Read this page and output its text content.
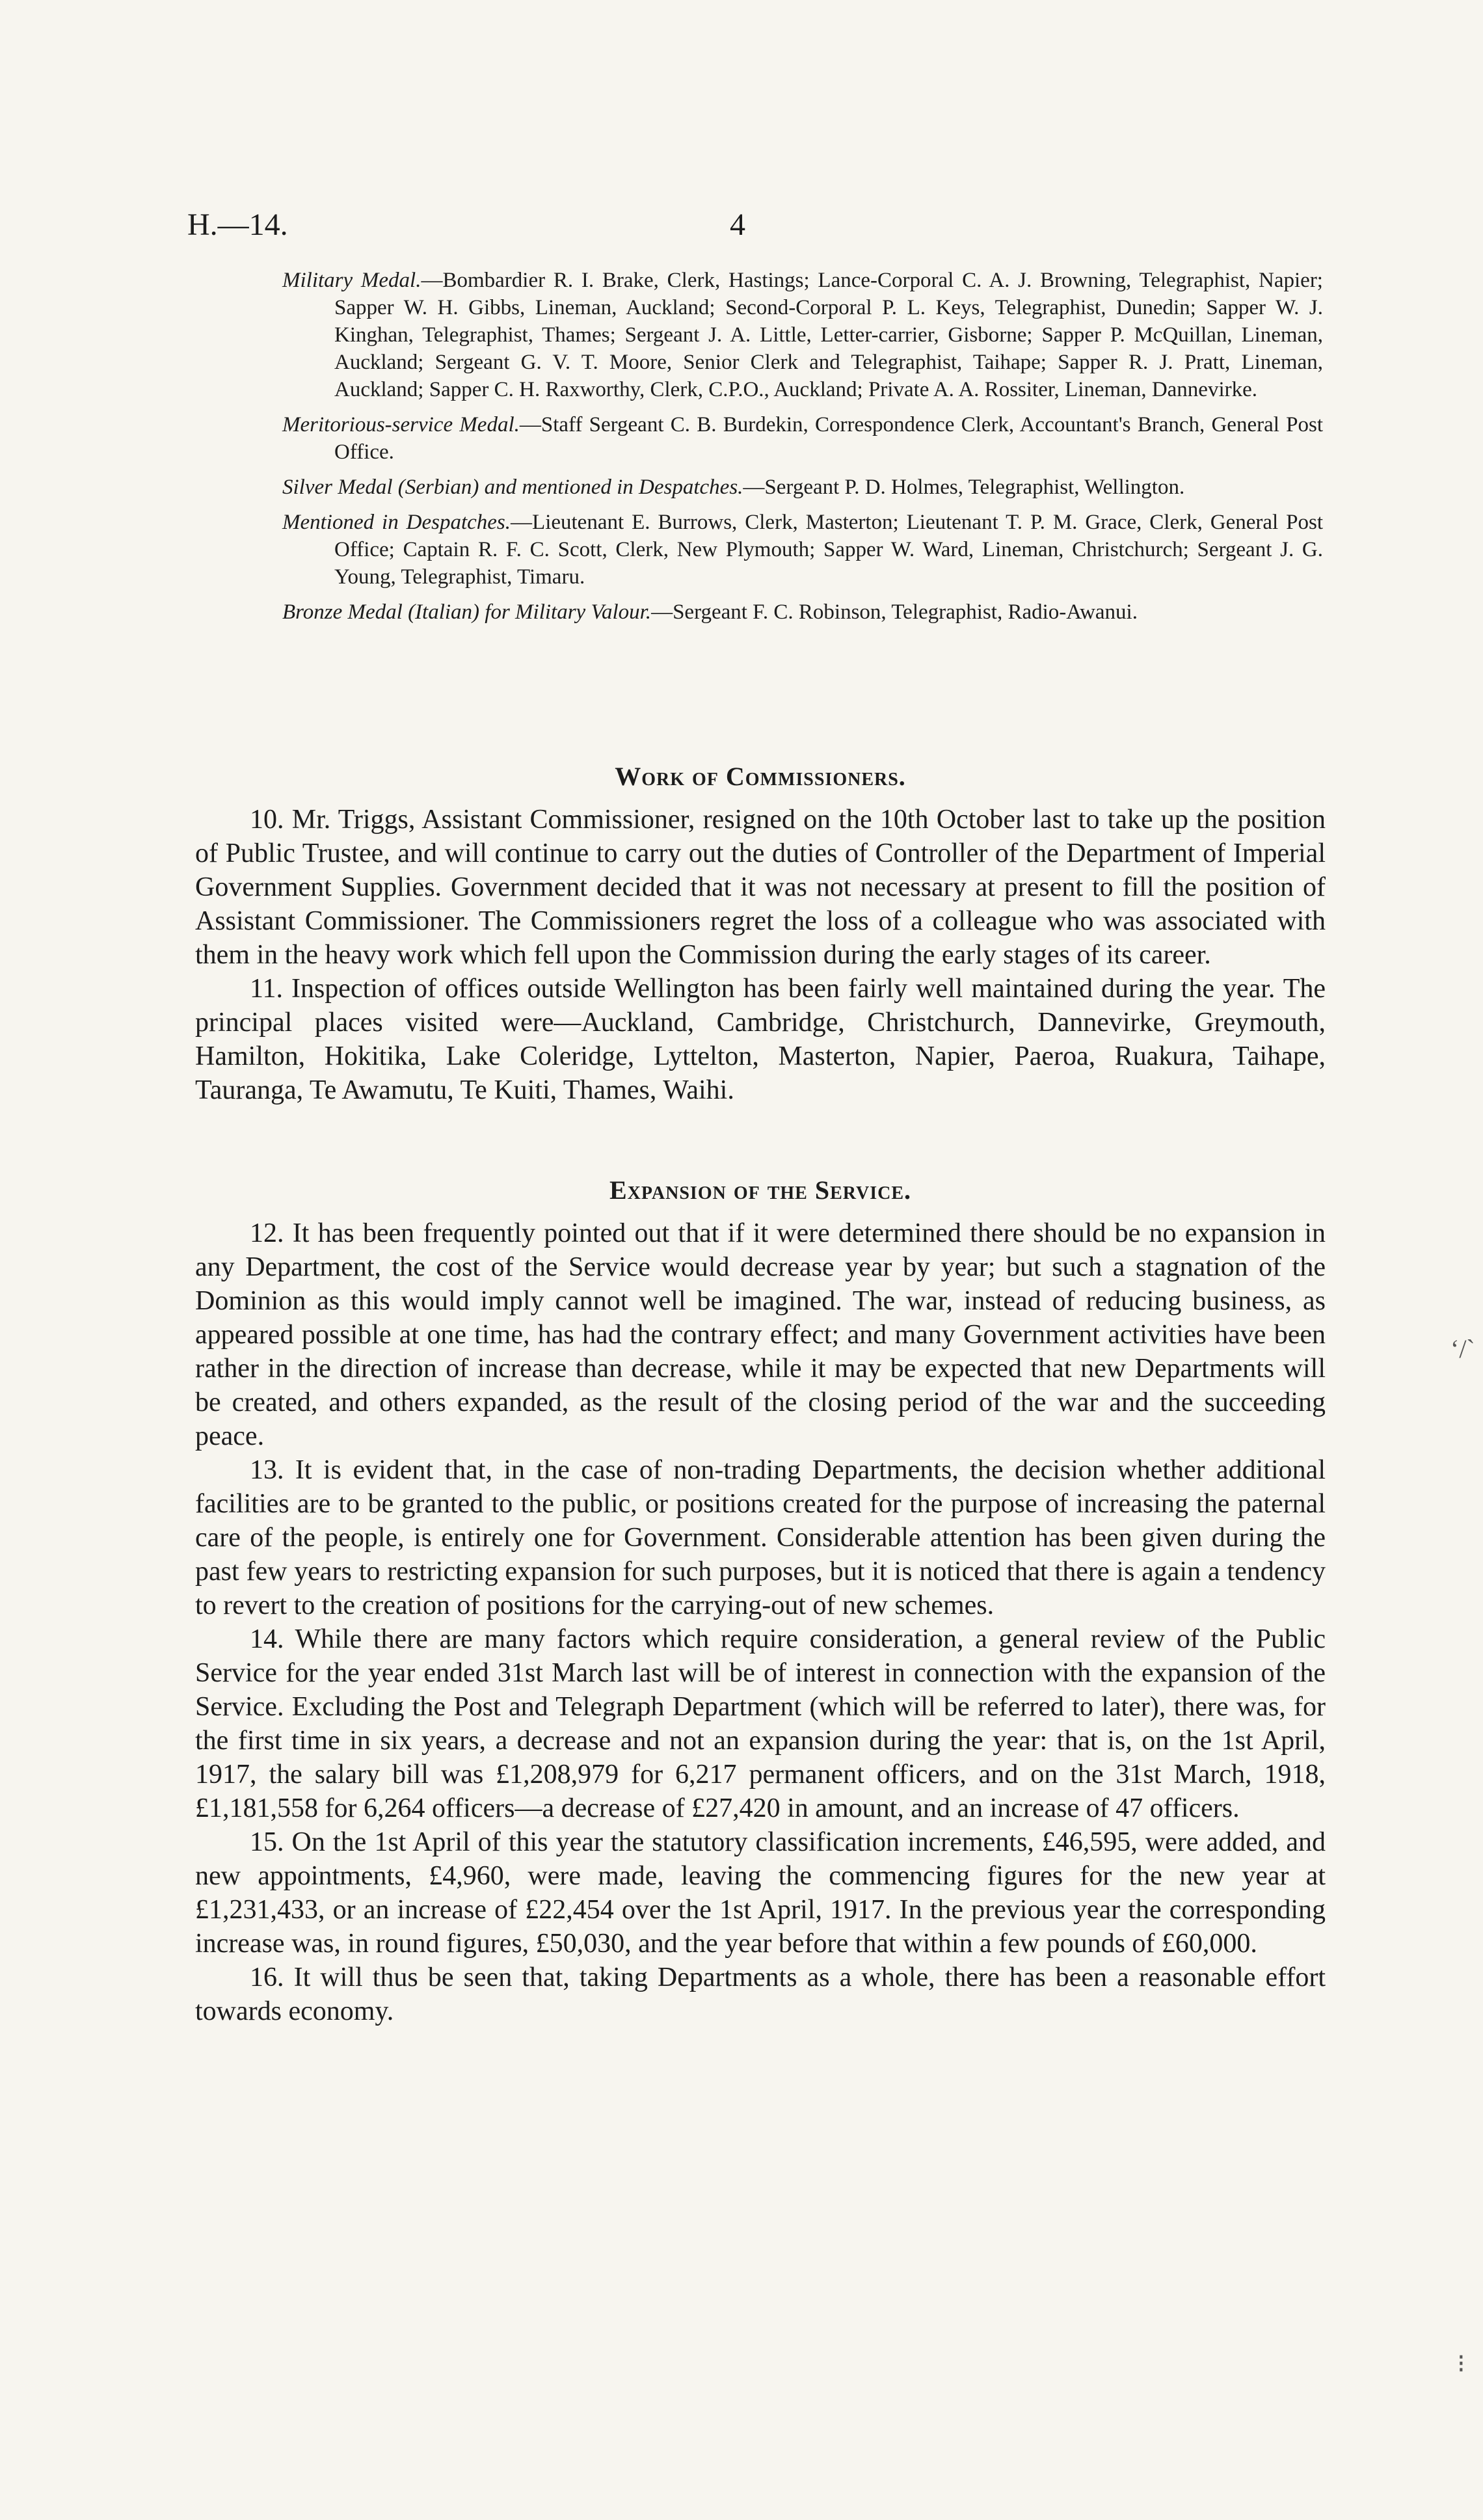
H.—14.	4

Military Medal.—Bombardier R. I. Brake, Clerk, Hastings; Lance-Corporal C. A. J. Browning, Telegraphist, Napier; Sapper W. H. Gibbs, Lineman, Auckland; Second-Corporal P. L. Keys, Telegraphist, Dunedin; Sapper W. J. Kinghan, Telegraphist, Thames; Sergeant J. A. Little, Letter-carrier, Gisborne; Sapper P. McQuillan, Lineman, Auckland; Sergeant G. V. T. Moore, Senior Clerk and Telegraphist, Taihape; Sapper R. J. Pratt, Lineman, Auckland; Sapper C. H. Raxworthy, Clerk, C.P.O., Auckland; Private A. A. Rossiter, Lineman, Dannevirke.

Meritorious-service Medal.—Staff Sergeant C. B. Burdekin, Correspondence Clerk, Accountant's Branch, General Post Office.

Silver Medal (Serbian) and mentioned in Despatches.—Sergeant P. D. Holmes, Telegraphist, Wellington.

Mentioned in Despatches.—Lieutenant E. Burrows, Clerk, Masterton; Lieutenant T. P. M. Grace, Clerk, General Post Office; Captain R. F. C. Scott, Clerk, New Plymouth; Sapper W. Ward, Lineman, Christchurch; Sergeant J. G. Young, Telegraphist, Timaru.

Bronze Medal (Italian) for Military Valour.—Sergeant F. C. Robinson, Telegraphist, Radio-Awanui.

Work of Commissioners.

10. Mr. Triggs, Assistant Commissioner, resigned on the 10th October last to take up the position of Public Trustee, and will continue to carry out the duties of Controller of the Department of Imperial Government Supplies. Government decided that it was not necessary at present to fill the position of Assistant Commissioner. The Commissioners regret the loss of a colleague who was associated with them in the heavy work which fell upon the Commission during the early stages of its career.

11. Inspection of offices outside Wellington has been fairly well maintained during the year. The principal places visited were—Auckland, Cambridge, Christchurch, Dannevirke, Greymouth, Hamilton, Hokitika, Lake Coleridge, Lyttelton, Masterton, Napier, Paeroa, Ruakura, Taihape, Tauranga, Te Awamutu, Te Kuiti, Thames, Waihi.

Expansion of the Service.

12. It has been frequently pointed out that if it were determined there should be no expansion in any Department, the cost of the Service would decrease year by year; but such a stagnation of the Dominion as this would imply cannot well be imagined. The war, instead of reducing business, as appeared possible at one time, has had the contrary effect; and many Government activities have been rather in the direction of increase than decrease, while it may be expected that new Departments will be created, and others expanded, as the result of the closing period of the war and the succeeding peace.

13. It is evident that, in the case of non-trading Departments, the decision whether additional facilities are to be granted to the public, or positions created for the purpose of increasing the paternal care of the people, is entirely one for Government. Considerable attention has been given during the past few years to restricting expansion for such purposes, but it is noticed that there is again a tendency to revert to the creation of positions for the carrying-out of new schemes.

14. While there are many factors which require consideration, a general review of the Public Service for the year ended 31st March last will be of interest in connection with the expansion of the Service. Excluding the Post and Telegraph Department (which will be referred to later), there was, for the first time in six years, a decrease and not an expansion during the year: that is, on the 1st April, 1917, the salary bill was £1,208,979 for 6,217 permanent officers, and on the 31st March, 1918, £1,181,558 for 6,264 officers—a decrease of £27,420 in amount, and an increase of 47 officers.

15. On the 1st April of this year the statutory classification increments, £46,595, were added, and new appointments, £4,960, were made, leaving the commencing figures for the new year at £1,231,433, or an increase of £22,454 over the 1st April, 1917. In the previous year the corresponding increase was, in round figures, £50,030, and the year before that within a few pounds of £60,000.

16. It will thus be seen that, taking Departments as a whole, there has been a reasonable effort towards economy.

ʻ/ˋ
⁝
